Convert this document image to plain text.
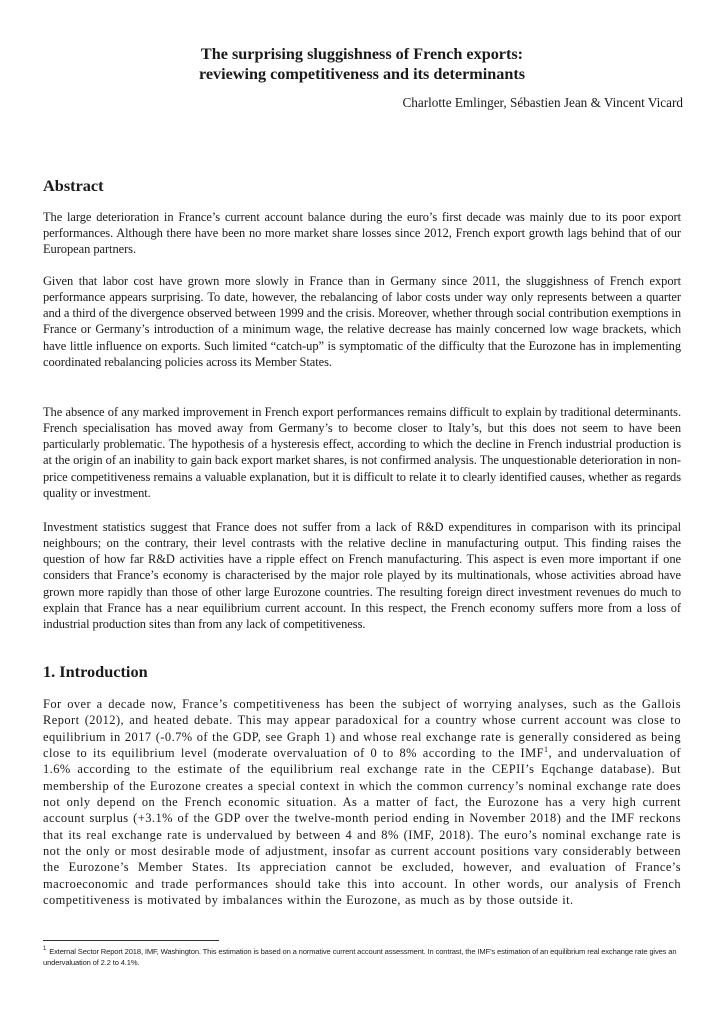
The surprising sluggishness of French exports:
reviewing competitiveness and its determinants

Charlotte Emlinger, Sébastien Jean & Vincent Vicard

Abstract

The large deterioration in France’s current account balance during the euro’s first decade was mainly due to its poor export performances. Although there have been no more market share losses since 2012, French export growth lags behind that of our European partners.

Given that labor cost have grown more slowly in France than in Germany since 2011, the sluggishness of French export performance appears surprising. To date, however, the rebalancing of labor costs under way only represents between a quarter and a third of the divergence observed between 1999 and the crisis. Moreover, whether through social contribution exemptions in France or Germany’s introduction of a minimum wage, the relative decrease has mainly concerned low wage brackets, which have little influence on exports. Such limited “catch-up” is symptomatic of the difficulty that the Eurozone has in implementing coordinated rebalancing policies across its Member States.

The absence of any marked improvement in French export performances remains difficult to explain by traditional determinants. French specialisation has moved away from Germany’s to become closer to Italy’s, but this does not seem to have been particularly problematic. The hypothesis of a hysteresis effect, according to which the decline in French industrial production is at the origin of an inability to gain back export market shares, is not confirmed analysis. The unquestionable deterioration in non-price competitiveness remains a valuable explanation, but it is difficult to relate it to clearly identified causes, whether as regards quality or investment.

Investment statistics suggest that France does not suffer from a lack of R&D expenditures in comparison with its principal neighbours; on the contrary, their level contrasts with the relative decline in manufacturing output. This finding raises the question of how far R&D activities have a ripple effect on French manufacturing. This aspect is even more important if one considers that France’s economy is characterised by the major role played by its multinationals, whose activities abroad have grown more rapidly than those of other large Eurozone countries. The resulting foreign direct investment revenues do much to explain that France has a near equilibrium current account. In this respect, the French economy suffers more from a loss of industrial production sites than from any lack of competitiveness.

1. Introduction

For over a decade now, France’s competitiveness has been the subject of worrying analyses, such as the Gallois Report (2012), and heated debate. This may appear paradoxical for a country whose current account was close to equilibrium in 2017 (-0.7% of the GDP, see Graph 1) and whose real exchange rate is generally considered as being close to its equilibrium level (moderate overvaluation of 0 to 8% according to the IMF$^1$, and undervaluation of 1.6% according to the estimate of the equilibrium real exchange rate in the CEPII’s Eqchange database). But membership of the Eurozone creates a special context in which the common currency’s nominal exchange rate does not only depend on the French economic situation. As a matter of fact, the Eurozone has a very high current account surplus (+3.1% of the GDP over the twelve-month period ending in November 2018) and the IMF reckons that its real exchange rate is undervalued by between 4 and 8% (IMF, 2018). The euro’s nominal exchange rate is not the only or most desirable mode of adjustment, insofar as current account positions vary considerably between the Eurozone’s Member States. Its appreciation cannot be excluded, however, and evaluation of France’s macroeconomic and trade performances should take this into account. In other words, our analysis of French competitiveness is motivated by imbalances within the Eurozone, as much as by those outside it.

$^1$ External Sector Report 2018, IMF, Washington. This estimation is based on a normative current account assessment. In contrast, the IMF’s estimation of an equilibrium real exchange rate gives an undervaluation of 2.2 to 4.1%.
